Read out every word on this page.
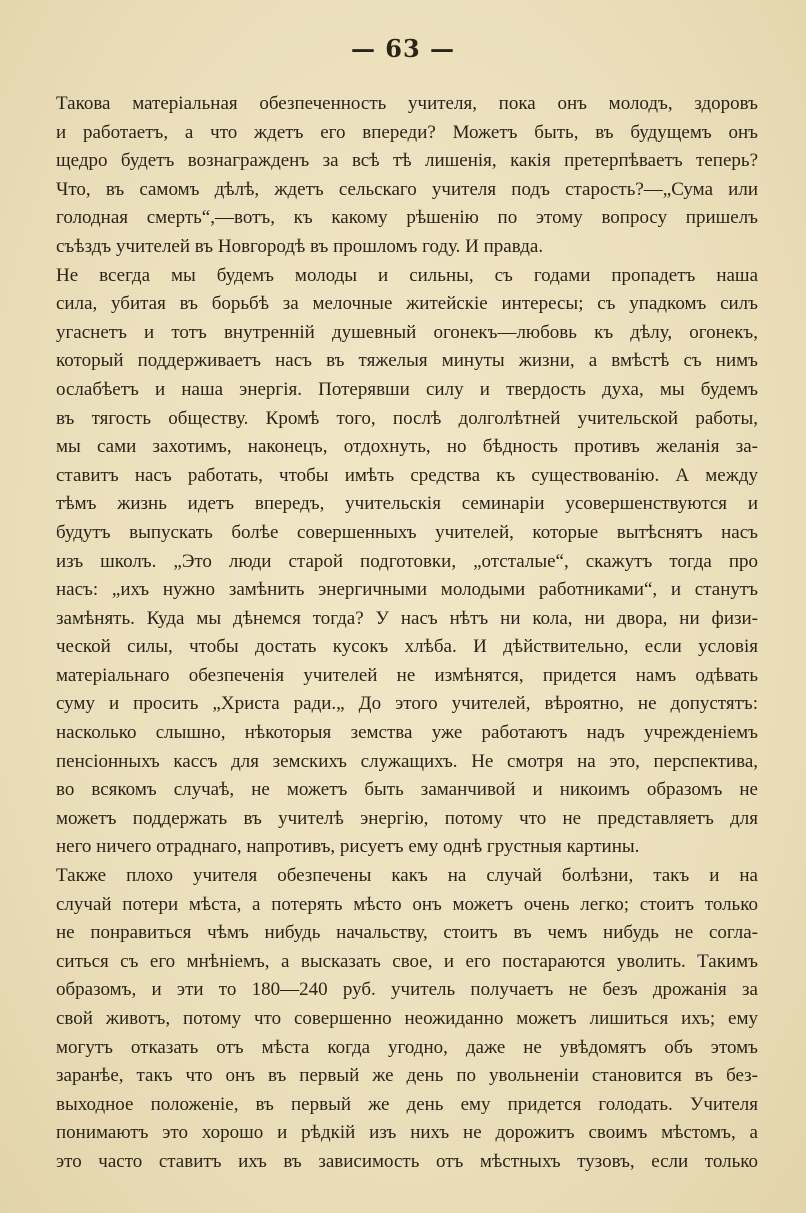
— 63 —
Такова матеріальная обезпеченность учителя, пока онъ молодъ, здоровъ
и работаетъ, а что ждетъ его впереди? Можетъ быть, въ будущемъ онъ
щедро будетъ вознагражденъ за всѣ тѣ лишенія, какія претерпѣваетъ теперь?
Что, въ самомъ дѣлѣ, ждетъ сельскаго учителя подъ старость?—„Сума или
голодная смерть“,—вотъ, къ какому рѣшенію по этому вопросу пришелъ
съѣздъ учителей въ Новгородѣ въ прошломъ году. И правда.
Не всегда мы будемъ молоды и сильны, съ годами пропадетъ наша
сила, убитая въ борьбѣ за мелочные житейскіе интересы; съ упадкомъ силъ
угаснетъ и тотъ внутренній душевный огонекъ—любовь къ дѣлу, огонекъ,
который поддерживаетъ насъ въ тяжелыя минуты жизни, а вмѣстѣ съ нимъ
ослабѣетъ и наша энергія. Потерявши силу и твердость духа, мы будемъ
въ тягость обществу. Кромѣ того, послѣ долголѣтней учительской работы,
мы сами захотимъ, наконецъ, отдохнуть, но бѣдность противъ желанія за-
ставитъ насъ работать, чтобы имѣть средства къ существованію. А между
тѣмъ жизнь идетъ впередъ, учительскія семинаріи усовершенствуются и
будутъ выпускать болѣе совершенныхъ учителей, которые вытѣснятъ насъ
изъ школъ. „Это люди старой подготовки, „отсталые“, скажутъ тогда про
насъ: „ихъ нужно замѣнить энергичными молодыми работниками“, и станутъ
замѣнять. Куда мы дѣнемся тогда? У насъ нѣтъ ни кола, ни двора, ни физи-
ческой силы, чтобы достать кусокъ хлѣба. И дѣйствительно, если условія
матеріальнаго обезпеченія учителей не измѣнятся, придется намъ одѣвать
суму и просить „Христа ради.„ До этого учителей, вѣроятно, не допустятъ:
насколько слышно, нѣкоторыя земства уже работаютъ надъ учрежденіемъ
пенсіонныхъ кассъ для земскихъ служащихъ. Не смотря на это, перспектива,
во всякомъ случаѣ, не можетъ быть заманчивой и никоимъ образомъ не
можетъ поддержать въ учителѣ энергію, потому что не представляетъ для
него ничего отраднаго, напротивъ, рисуетъ ему однѣ грустныя картины.
Также плохо учителя обезпечены какъ на случай болѣзни, такъ и на
случай потери мѣста, а потерять мѣсто онъ можетъ очень легко; стоитъ только
не понравиться чѣмъ нибудь начальству, стоитъ въ чемъ нибудь не согла-
ситься съ его мнѣніемъ, а высказать свое, и его постараются уволить. Такимъ
образомъ, и эти то 180—240 руб. учитель получаетъ не безъ дрожанія за
свой животъ, потому что совершенно неожиданно можетъ лишиться ихъ; ему
могутъ отказать отъ мѣста когда угодно, даже не увѣдомятъ объ этомъ
заранѣе, такъ что онъ въ первый же день по увольненіи становится въ без-
выходное положеніе, въ первый же день ему придется голодать. Учителя
понимаютъ это хорошо и рѣдкій изъ нихъ не дорожитъ своимъ мѣстомъ, а
это часто ставитъ ихъ въ зависимость отъ мѣстныхъ тузовъ, если только
